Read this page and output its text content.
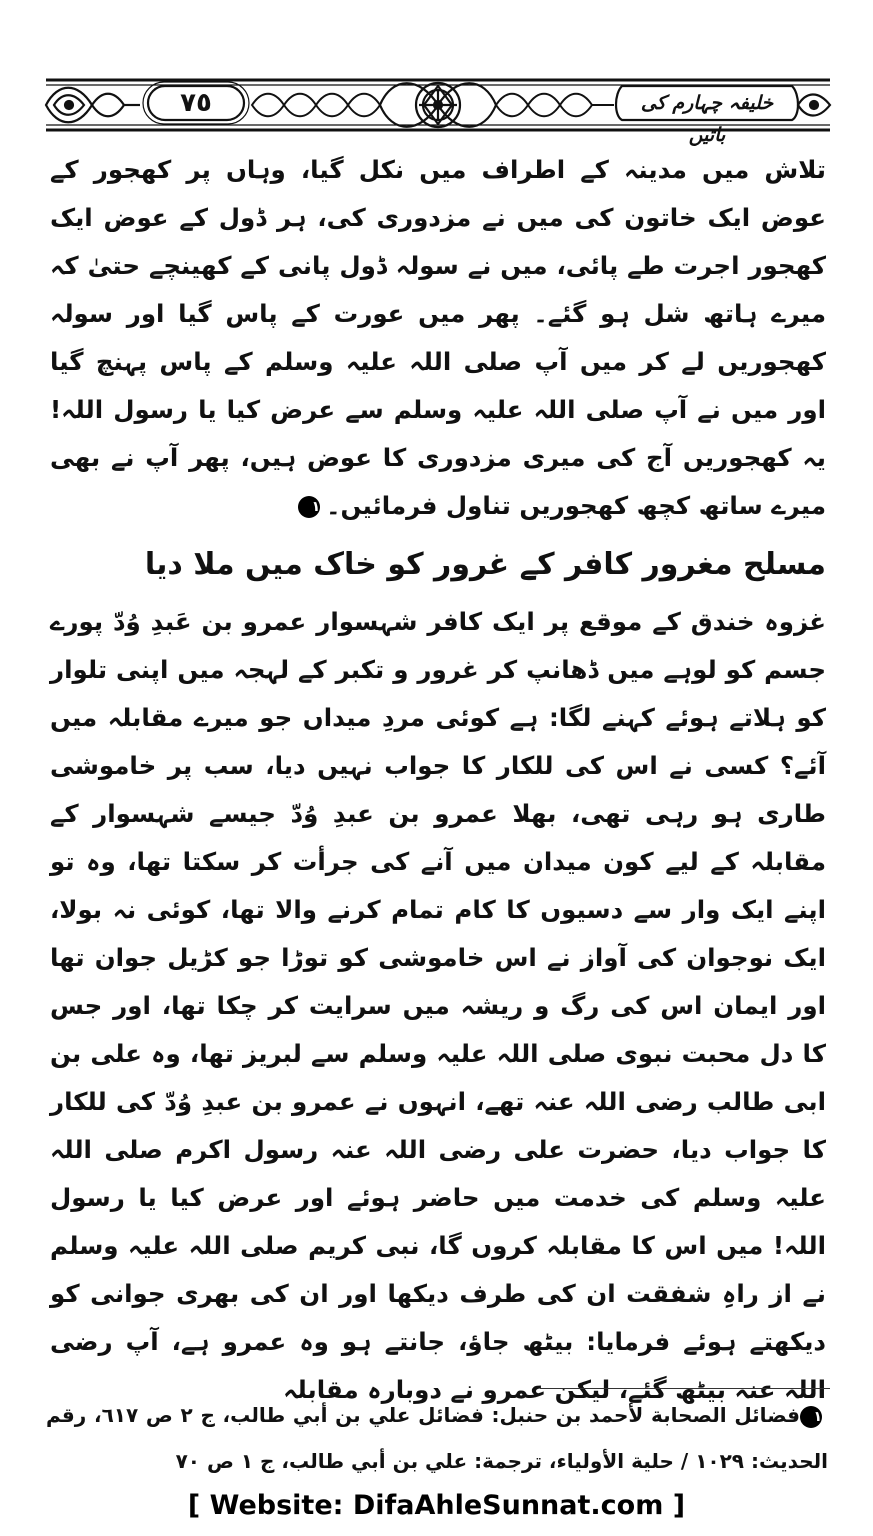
٧٥	خلیفہ چہارم کی باتیں

تلاش میں مدینہ کے اطراف میں نکل گیا، وہاں پر کھجور کے عوض ایک خاتون کی میں نے مزدوری کی، ہر ڈول کے عوض ایک کھجور اجرت طے پائی، میں نے سولہ ڈول پانی کے کھینچے حتیٰ کہ میرے ہاتھ شل ہو گئے۔ پھر میں عورت کے پاس گیا اور سولہ کھجوریں لے کر میں آپ صلی اللہ علیہ وسلم کے پاس پہنچ گیا اور میں نے آپ صلی اللہ علیہ وسلم سے عرض کیا یا رسول اللہ! یہ کھجوریں آج کی میری مزدوری کا عوض ہیں، پھر آپ نے بھی میرے ساتھ کچھ کھجوریں تناول فرمائیں۔١

مسلح مغرور کافر کے غرور کو خاک میں ملا دیا

غزوہ خندق کے موقع پر ایک کافر شہسوار عمرو بن عَبدِ وُدّ پورے جسم کو لوہے میں ڈھانپ کر غرور و تکبر کے لہجہ میں اپنی تلوار کو ہلاتے ہوئے کہنے لگا: ہے کوئی مردِ میداں جو میرے مقابلہ میں آئے؟ کسی نے اس کی للکار کا جواب نہیں دیا، سب پر خاموشی طاری ہو رہی تھی، بھلا عمرو بن عبدِ وُدّ جیسے شہسوار کے مقابلہ کے لیے کون میدان میں آنے کی جرأت کر سکتا تھا، وہ تو اپنے ایک وار سے دسیوں کا کام تمام کرنے والا تھا، کوئی نہ بولا، ایک نوجوان کی آواز نے اس خاموشی کو توڑا جو کڑیل جوان تھا اور ایمان اس کی رگ و ریشہ میں سرایت کر چکا تھا، اور جس کا دل محبت نبوی صلی اللہ علیہ وسلم سے لبریز تھا، وہ علی بن ابی طالب رضی اللہ عنہ تھے، انہوں نے عمرو بن عبدِ وُدّ کی للکار کا جواب دیا، حضرت علی رضی اللہ عنہ رسول اکرم صلی اللہ علیہ وسلم کی خدمت میں حاضر ہوئے اور عرض کیا یا رسول اللہ! میں اس کا مقابلہ کروں گا، نبی کریم صلی اللہ علیہ وسلم نے از راہِ شفقت ان کی طرف دیکھا اور ان کی بھری جوانی کو دیکھتے ہوئے فرمایا: بیٹھ جاؤ، جانتے ہو وہ عمرو ہے، آپ رضی اللہ عنہ بیٹھ گئے، لیکن عمرو نے دوبارہ مقابلہ

١فضائل الصحابة لأحمد بن حنبل: فضائل علي بن أبي طالب، ج ٢ ص ٦١٧، رقم الحديث: ١٠٢٩ / حلية الأولياء، ترجمة: علي بن أبي طالب، ج ١ ص ٧٠

[ Website: DifaAhleSunnat.com ]
